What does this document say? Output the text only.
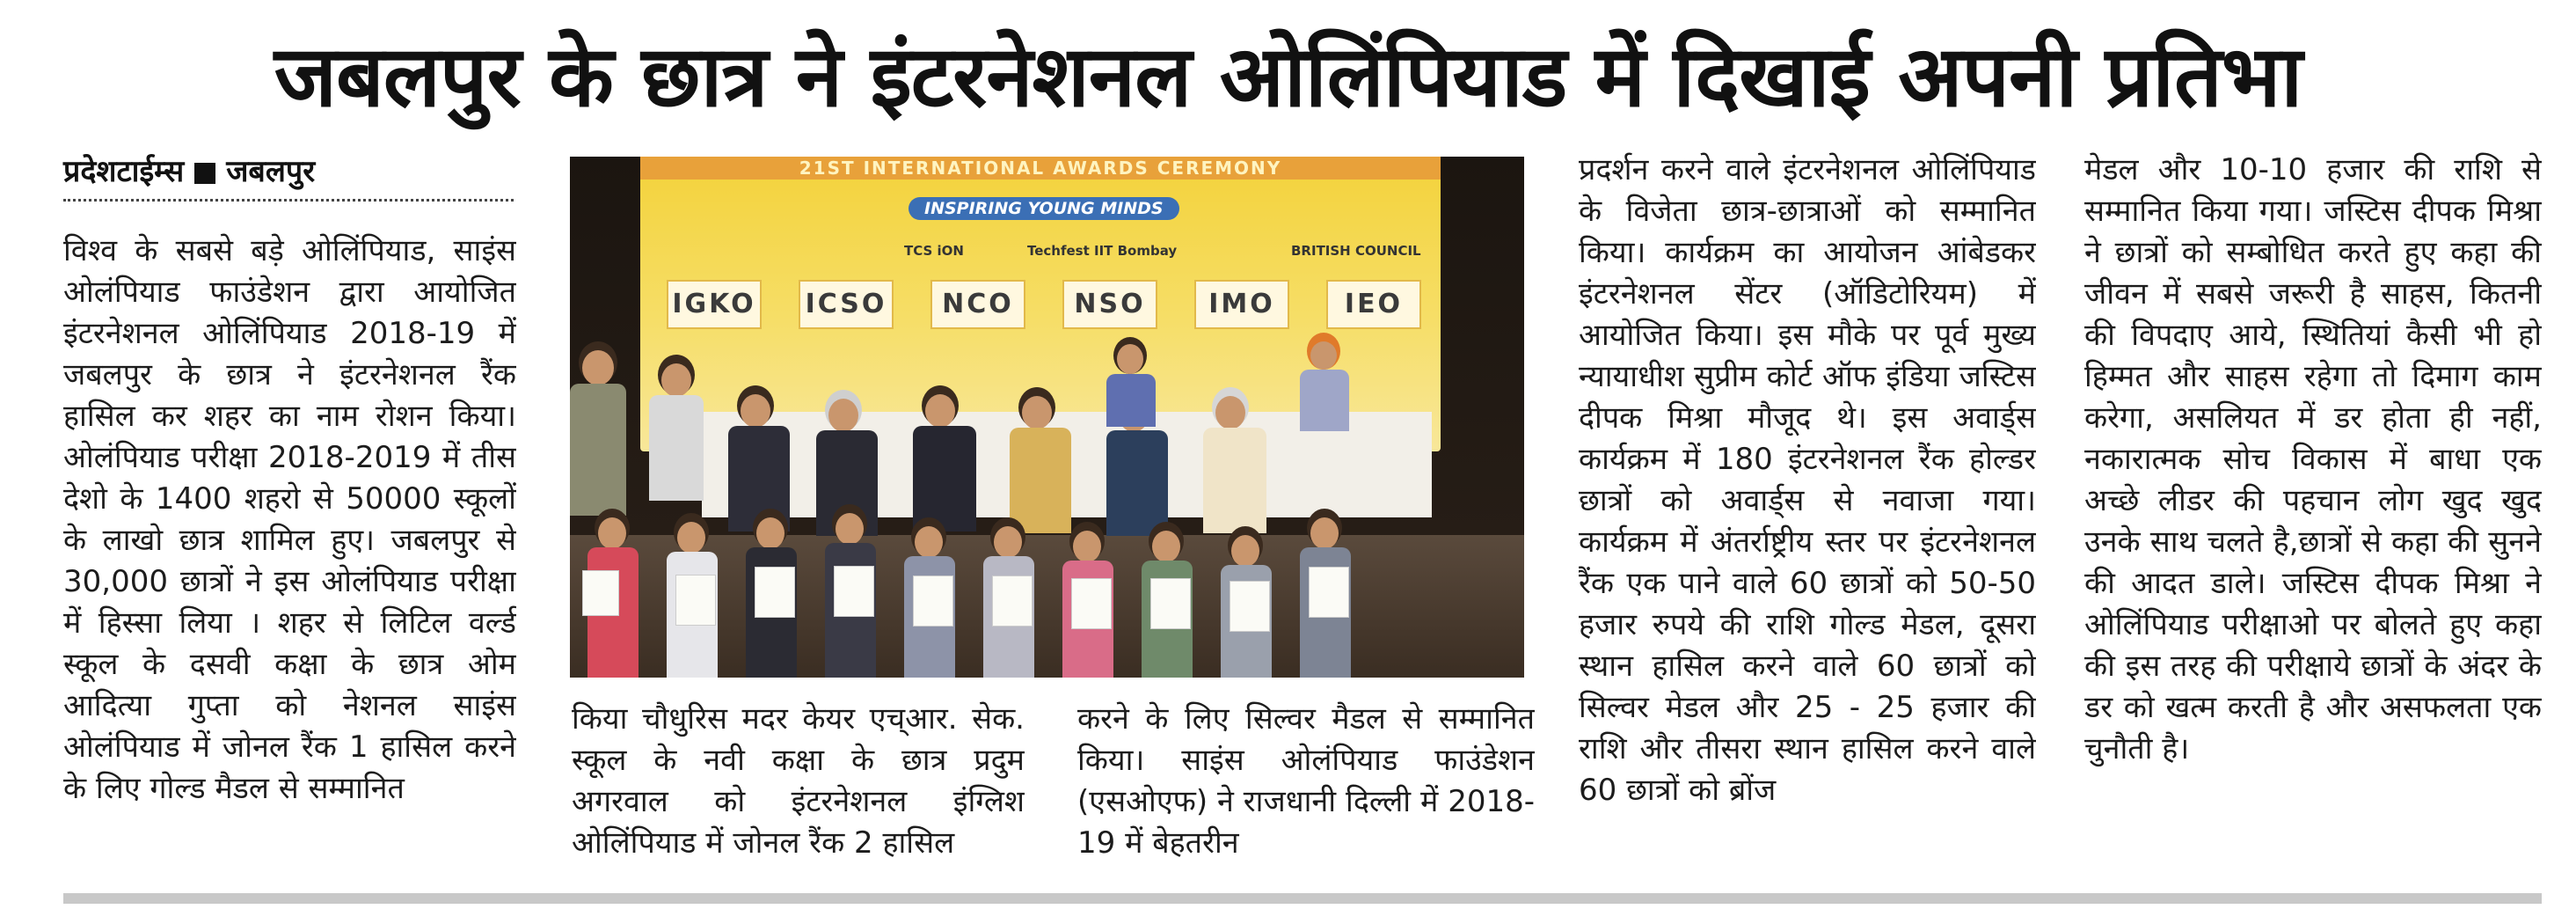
जबलपुर के छात्र ने इंटरनेशनल ओलिंपियाड में दिखाई अपनी प्रतिभा
प्रदेशटाईम्स जबलपुर

विश्व के सबसे बड़े ओलिंपियाड, साइंस ओलंपियाड फाउंडेशन द्वारा आयोजित इंटरनेशनल ओलिंपियाड 2018-19 में जबलपुर के छात्र ने इंटरनेशनल रैंक हासिल कर शहर का नाम रोशन किया। ओलंपियाड परीक्षा 2018-2019 में तीस देशो के 1400 शहरो से 50000 स्कूलों के लाखो छात्र शामिल हुए। जबलपुर से 30,000 छात्रों ने इस ओलंपियाड परीक्षा में हिस्सा लिया । शहर से लिटिल वर्ल्ड स्कूल के दसवी कक्षा के छात्र ओम आदित्या गुप्ता को नेशनल साइंस ओलंपियाड में जोनल रैंक 1 हासिल करने के लिए गोल्ड मैडल से सम्मानित

21ST INTERNATIONAL AWARDS CEREMONY
INSPIRING YOUNG MINDS
TCS iON	Techfest IIT Bombay	BRITISH COUNCIL
IGKO ICSO	NCO	NSO	IMO	IEO

किया चौधुरिस मदर केयर एच्आर. सेक. स्कूल के नवी कक्षा के छात्र प्रदुम अगरवाल को इंटरनेशनल इंग्लिश ओलिंपियाड में जोनल रैंक 2 हासिल

करने के लिए सिल्वर मैडल से सम्मानित किया। साइंस ओलंपियाड फाउंडेशन (एसओएफ) ने राजधानी दिल्ली में 2018-19 में बेहतरीन

प्रदर्शन करने वाले इंटरनेशनल ओलिंपियाड के विजेता छात्र-छात्राओं को सम्मानित किया। कार्यक्रम का आयोजन आंबेडकर इंटरनेशनल सेंटर (ऑडिटोरियम) में आयोजित किया। इस मौके पर पूर्व मुख्य न्यायाधीश सुप्रीम कोर्ट ऑफ इंडिया जस्टिस दीपक मिश्रा मौजूद थे। इस अवार्ड्स कार्यक्रम में 180 इंटरनेशनल रैंक होल्डर छात्रों को अवार्ड्स से नवाजा गया। कार्यक्रम में अंतर्राष्ट्रीय स्तर पर इंटरनेशनल रैंक एक पाने वाले 60 छात्रों को 50-50 हजार रुपये की राशि गोल्ड मेडल, दूसरा स्थान हासिल करने वाले 60 छात्रों को सिल्वर मेडल और 25 - 25 हजार की राशि और तीसरा स्थान हासिल करने वाले 60 छात्रों को ब्रोंज

मेडल और 10-10 हजार की राशि से सम्मानित किया गया। जस्टिस दीपक मिश्रा ने छात्रों को सम्बोधित करते हुए कहा की जीवन में सबसे जरूरी है साहस, कितनी की विपदाए आये, स्थितियां कैसी भी हो हिम्मत और साहस रहेगा तो दिमाग काम करेगा, असलियत में डर होता ही नहीं, नकारात्मक सोच विकास में बाधा एक अच्छे लीडर की पहचान लोग खुद खुद उनके साथ चलते है,छात्रों से कहा की सुनने की आदत डाले। जस्टिस दीपक मिश्रा ने ओलिंपियाड परीक्षाओ पर बोलते हुए कहा की इस तरह की परीक्षाये छात्रों के अंदर के डर को खत्म करती है और असफलता एक चुनौती है।
